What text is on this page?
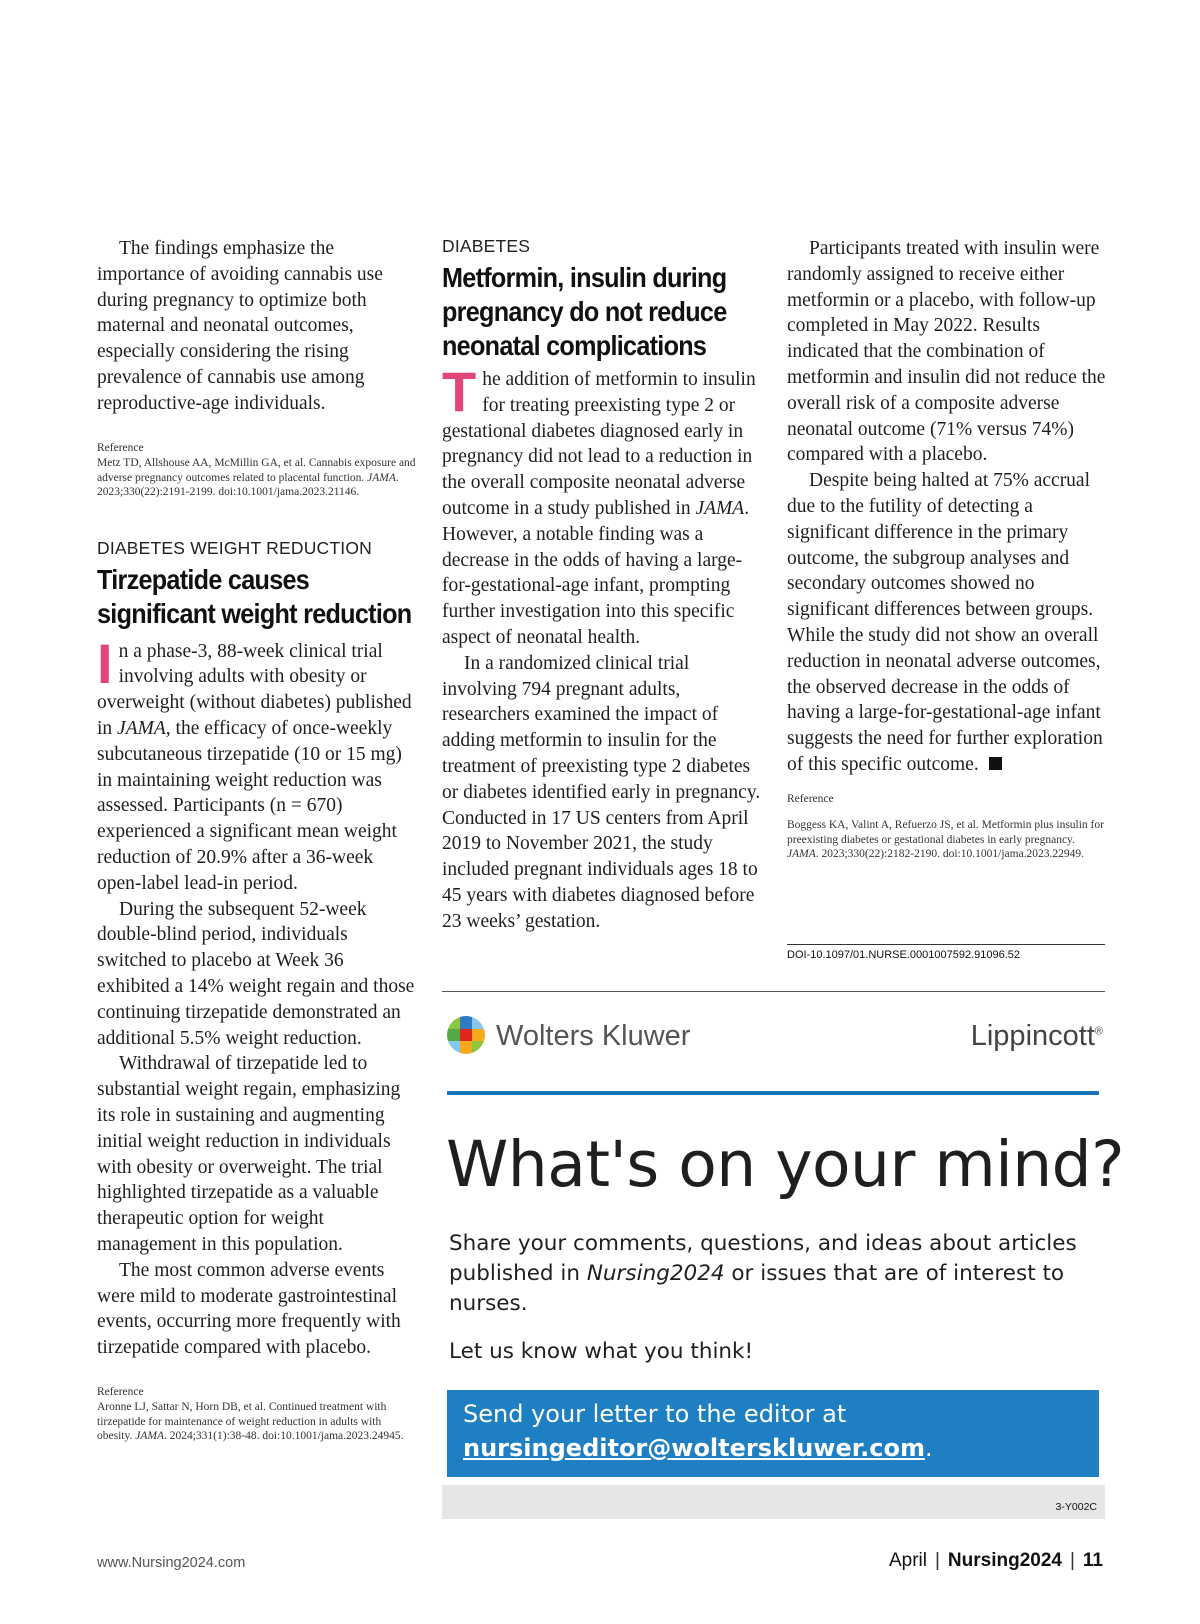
The findings emphasize the importance of avoiding cannabis use during pregnancy to optimize both maternal and neonatal outcomes, especially considering the rising prevalence of cannabis use among reproductive-age individuals.

Reference
Metz TD, Allshouse AA, McMillin GA, et al. Cannabis exposure and adverse pregnancy outcomes related to placental function. JAMA. 2023;330(22):2191-2199. doi:10.1001/jama.2023.21146.
DIABETES WEIGHT REDUCTION
Tirzepatide causes
significant weight reduction

In a phase-3, 88-week clinical trial involving adults with obesity or overweight (without diabetes) published in JAMA, the efficacy of once-weekly subcutaneous tirzepatide (10 or 15 mg) in maintaining weight reduction was assessed. Participants (n = 670) experienced a significant mean weight reduction of 20.9% after a 36-week open-label lead-in period.

During the subsequent 52-week double-blind period, individuals switched to placebo at Week 36 exhibited a 14% weight regain and those continuing tirzepatide demonstrated an additional 5.5% weight reduction.

Withdrawal of tirzepatide led to substantial weight regain, emphasizing its role in sustaining and augmenting initial weight reduction in individuals with obesity or overweight. The trial highlighted tirzepatide as a valuable therapeutic option for weight management in this population.

The most common adverse events were mild to moderate gastrointestinal events, occurring more frequently with tirzepatide compared with placebo.

Reference
Aronne LJ, Sattar N, Horn DB, et al. Continued treatment with tirzepatide for maintenance of weight reduction in adults with obesity. JAMA. 2024;331(1):38-48. doi:10.1001/jama.2023.24945.
DIABETES
Metformin, insulin during
pregnancy do not reduce
neonatal complications

The addition of metformin to insulin for treating preexisting type 2 or gestational diabetes diagnosed early in pregnancy did not lead to a reduction in the overall composite neonatal adverse outcome in a study published in JAMA. However, a notable finding was a decrease in the odds of having a large-for-gestational-age infant, prompting further investigation into this specific aspect of neonatal health.

In a randomized clinical trial involving 794 pregnant adults, researchers examined the impact of adding metformin to insulin for the treatment of preexisting type 2 diabetes or diabetes identified early in pregnancy. Conducted in 17 US centers from April 2019 to November 2021, the study included pregnant individuals ages 18 to 45 years with diabetes diagnosed before 23 weeks’ gestation.

Participants treated with insulin were randomly assigned to receive either metformin or a placebo, with follow-up completed in May 2022. Results indicated that the combination of metformin and insulin did not reduce the overall risk of a composite adverse neonatal outcome (71% versus 74%) compared with a placebo.

Despite being halted at 75% accrual due to the futility of detecting a significant difference in the primary outcome, the subgroup analyses and secondary outcomes showed no significant differences between groups. While the study did not show an overall reduction in neonatal adverse outcomes, the observed decrease in the odds of having a large-for-gestational-age infant suggests the need for further exploration of this specific outcome.

Reference
Boggess KA, Valint A, Refuerzo JS, et al. Metformin plus insulin for preexisting diabetes or gestational diabetes in early pregnancy. JAMA. 2023;330(22):2182-2190. doi:10.1001/jama.2023.22949.
DOI-10.1097/01.NURSE.0001007592.91096.52
Wolters Kluwer	Lippincott®
What's on your mind?
Share your comments, questions, and ideas about articles published in Nursing2024 or issues that are of interest to nurses.
Let us know what you think!
Send your letter to the editor at
nursingeditor@wolterskluwer.com.
3-Y002C
www.Nursing2024.com	April | Nursing2024 | 11
